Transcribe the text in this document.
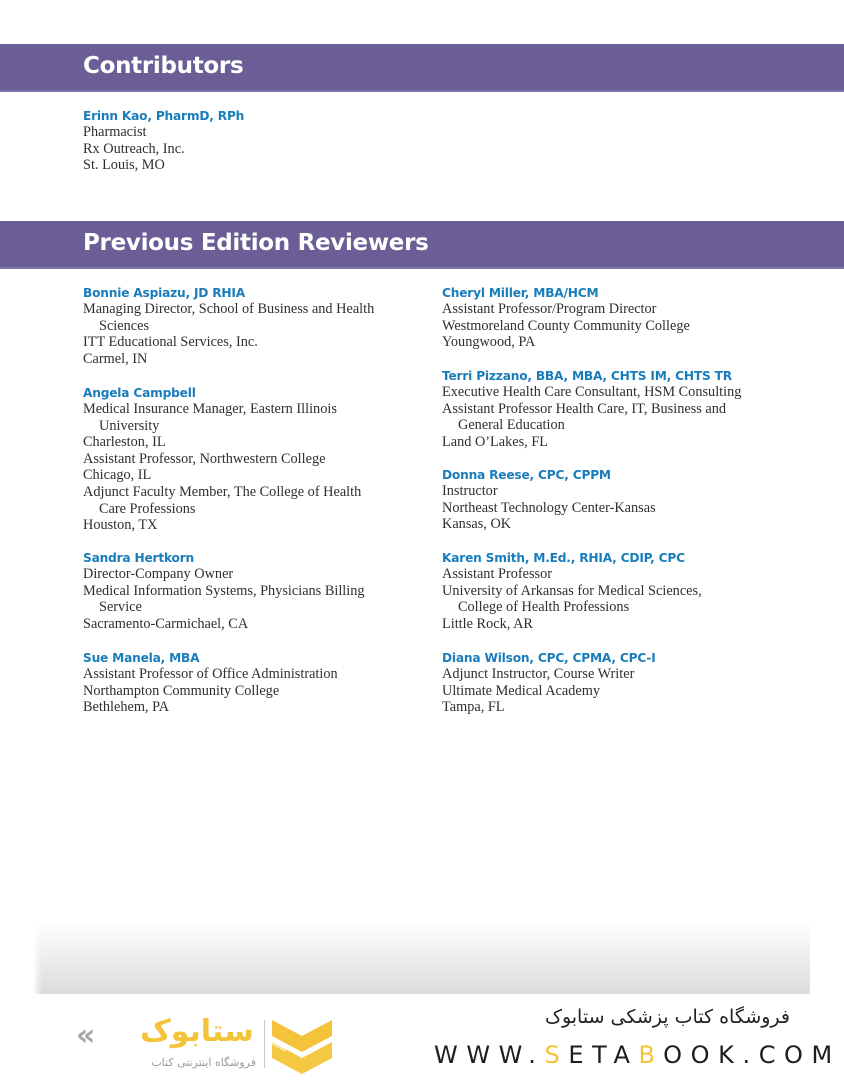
Contributors
Erinn Kao, PharmD, RPh
Pharmacist
Rx Outreach, Inc.
St. Louis, MO
Previous Edition Reviewers
Bonnie Aspiazu, JD RHIA
Managing Director, School of Business and Health
Sciences
ITT Educational Services, Inc.
Carmel, IN
Angela Campbell
Medical Insurance Manager, Eastern Illinois
University
Charleston, IL
Assistant Professor, Northwestern College
Chicago, IL
Adjunct Faculty Member, The College of Health
Care Professions
Houston, TX
Sandra Hertkorn
Director-Company Owner
Medical Information Systems, Physicians Billing
Service
Sacramento-Carmichael, CA
Sue Manela, MBA
Assistant Professor of Office Administration
Northampton Community College
Bethlehem, PA
Cheryl Miller, MBA/HCM
Assistant Professor/Program Director
Westmoreland County Community College
Youngwood, PA
Terri Pizzano, BBA, MBA, CHTS IM, CHTS TR
Executive Health Care Consultant, HSM Consulting
Assistant Professor Health Care, IT, Business and
General Education
Land O’Lakes, FL
Donna Reese, CPC, CPPM
Instructor
Northeast Technology Center-Kansas
Kansas, OK
Karen Smith, M.Ed., RHIA, CDIP, CPC
Assistant Professor
University of Arkansas for Medical Sciences,
College of Health Professions
Little Rock, AR
Diana Wilson, CPC, CPMA, CPC-I
Adjunct Instructor, Course Writer
Ultimate Medical Academy
Tampa, FL
« ستابوک
فروشگاه اینترنتی کتاب
فروشگاه کتاب پزشکی ستابوک
WWW.SETABOOK.COM
